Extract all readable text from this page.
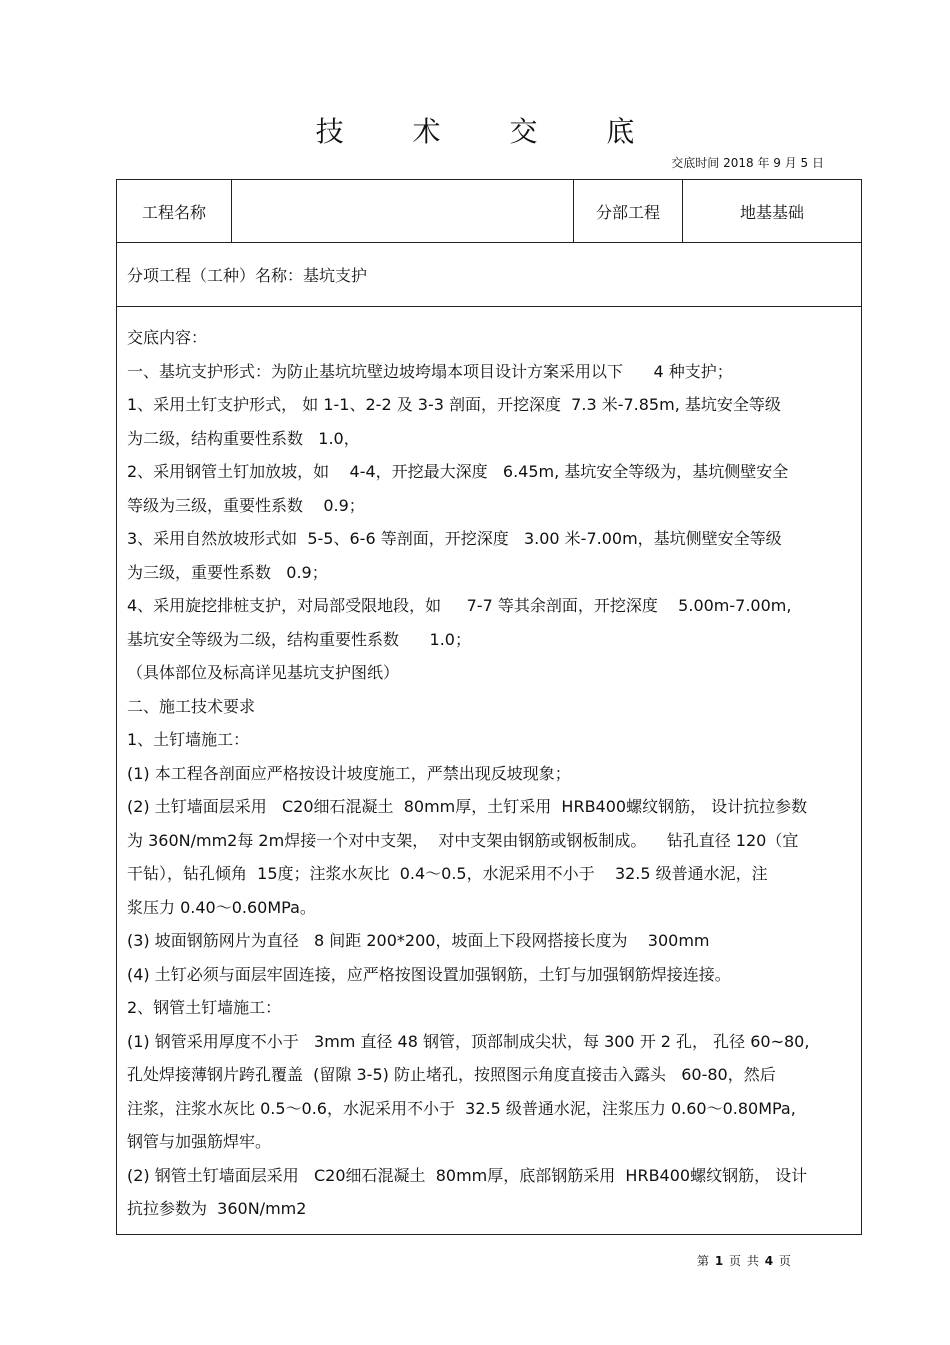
技 术 交 底
交底时间 2018 年 9 月 5 日
工程名称		分部工程	地基基础
分项工程（工种）名称：基坑支护

交底内容：
一、基坑支护形式：为防止基坑坑壁边坡垮塌本项目设计方案采用以下      4 种支护；
1、采用土钉支护形式， 如 1-1、2-2 及 3-3 剖面，开挖深度  7.3 米-7.85m, 基坑安全等级
为二级，结构重要性系数   1.0，
2、采用钢管土钉加放坡，如    4-4，开挖最大深度   6.45m, 基坑安全等级为，基坑侧壁安全
等级为三级，重要性系数    0.9；
3、采用自然放坡形式如  5-5、6-6 等剖面，开挖深度   3.00 米-7.00m，基坑侧壁安全等级
为三级，重要性系数   0.9；
4、采用旋挖排桩支护，对局部受限地段，如     7-7 等其余剖面，开挖深度    5.00m-7.00m,
基坑安全等级为二级，结构重要性系数      1.0；
（具体部位及标高详见基坑支护图纸）
二、施工技术要求
1、土钉墙施工：
(1) 本工程各剖面应严格按设计坡度施工，严禁出现反坡现象；
(2) 土钉墙面层采用   C20细石混凝土  80mm厚，土钉采用  HRB400螺纹钢筋， 设计抗拉参数
为 360N/mm2每 2m焊接一个对中支架，  对中支架由钢筋或钢板制成。    钻孔直径 120（宜
干钻），钻孔倾角  15度；注浆水灰比  0.4～0.5，水泥采用不小于    32.5 级普通水泥，注
浆压力 0.40～0.60MPa。
(3) 坡面钢筋网片为直径   8 间距 200*200，坡面上下段网搭接长度为    300mm
(4) 土钉必须与面层牢固连接，应严格按图设置加强钢筋，土钉与加强钢筋焊接连接。
2、钢管土钉墙施工：
(1) 钢管采用厚度不小于   3mm 直径 48 钢管，顶部制成尖状，每 300 开 2 孔， 孔径 60~80,
孔处焊接薄钢片跨孔覆盖  (留隙 3-5) 防止堵孔，按照图示角度直接击入露头   60-80，然后
注浆，注浆水灰比 0.5～0.6，水泥采用不小于  32.5 级普通水泥，注浆压力 0.60～0.80MPa,
钢管与加强筋焊牢。
(2) 钢管土钉墙面层采用   C20细石混凝土  80mm厚，底部钢筋采用  HRB400螺纹钢筋， 设计
抗拉参数为  360N/mm2
第 1 页 共 4 页
